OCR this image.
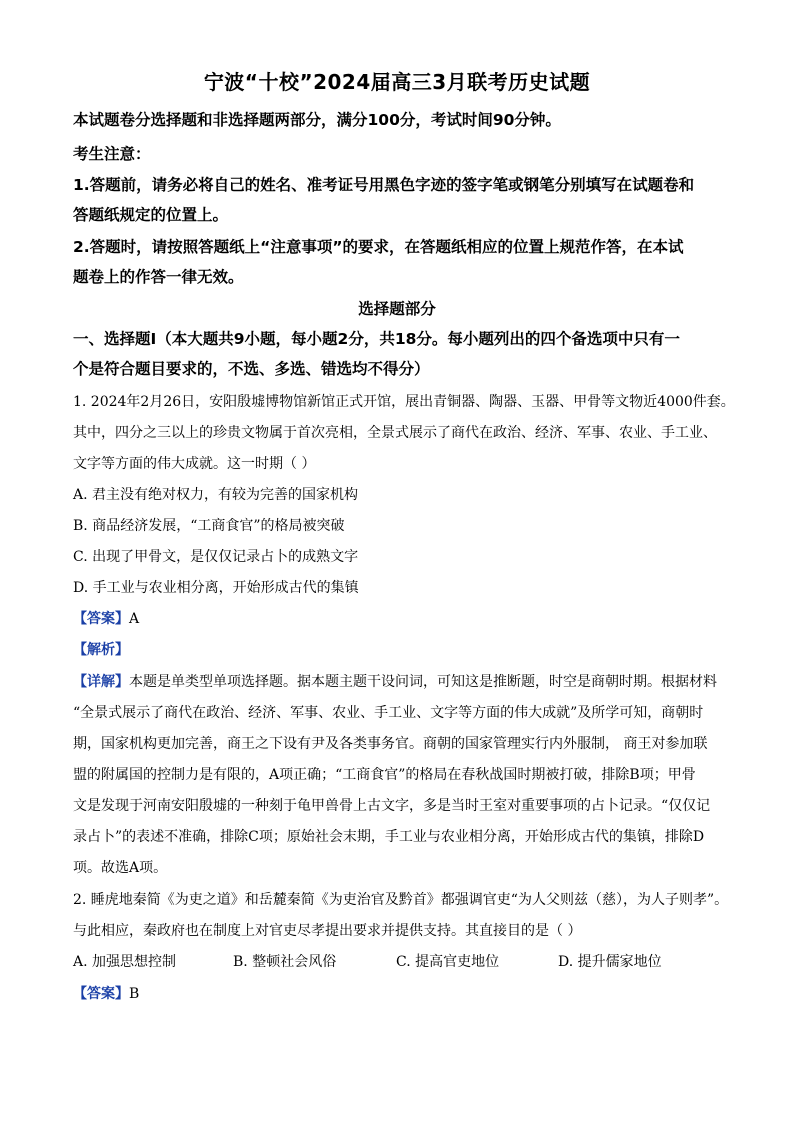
宁波“十校”2024届高三3月联考历史试题
本试题卷分选择题和非选择题两部分，满分100分，考试时间90分钟。
考生注意：
1.答题前，请务必将自己的姓名、准考证号用黑色字迹的签字笔或钢笔分别填写在试题卷和
答题纸规定的位置上。
2.答题时，请按照答题纸上“注意事项”的要求，在答题纸相应的位置上规范作答，在本试
题卷上的作答一律无效。
选择题部分
一、选择题Ⅰ（本大题共9小题，每小题2分，共18分。每小题列出的四个备选项中只有一
个是符合题目要求的，不选、多选、错选均不得分）
1. 2024年2月26日，安阳殷墟博物馆新馆正式开馆，展出青铜器、陶器、玉器、甲骨等文物近4000件套。
其中，四分之三以上的珍贵文物属于首次亮相，全景式展示了商代在政治、经济、军事、农业、手工业、
文字等方面的伟大成就。这一时期（ ）
A. 君主没有绝对权力，有较为完善的国家机构
B. 商品经济发展，“工商食官”的格局被突破
C. 出现了甲骨文，是仅仅记录占卜的成熟文字
D. 手工业与农业相分离，开始形成古代的集镇
【答案】A
【解析】
【详解】本题是单类型单项选择题。据本题主题干设问词，可知这是推断题，时空是商朝时期。根据材料
“全景式展示了商代在政治、经济、军事、农业、手工业、文字等方面的伟大成就”及所学可知，商朝时
期，国家机构更加完善，商王之下设有尹及各类事务官。商朝的国家管理实行内外服制， 商王对参加联
盟的附属国的控制力是有限的，A项正确；“工商食官”的格局在春秋战国时期被打破，排除B项；甲骨
文是发现于河南安阳殷墟的一种刻于龟甲兽骨上古文字，多是当时王室对重要事项的占卜记录。“仅仅记
录占卜”的表述不准确，排除C项；原始社会末期，手工业与农业相分离，开始形成古代的集镇，排除D
项。故选A项。
2. 睡虎地秦简《为吏之道》和岳麓秦简《为吏治官及黔首》都强调官吏“为人父则兹（慈），为人子则孝”。
与此相应，秦政府也在制度上对官吏尽孝提出要求并提供支持。其直接目的是（ ）
A. 加强思想控制	B. 整顿社会风俗	C. 提高官吏地位	D. 提升儒家地位
【答案】B
